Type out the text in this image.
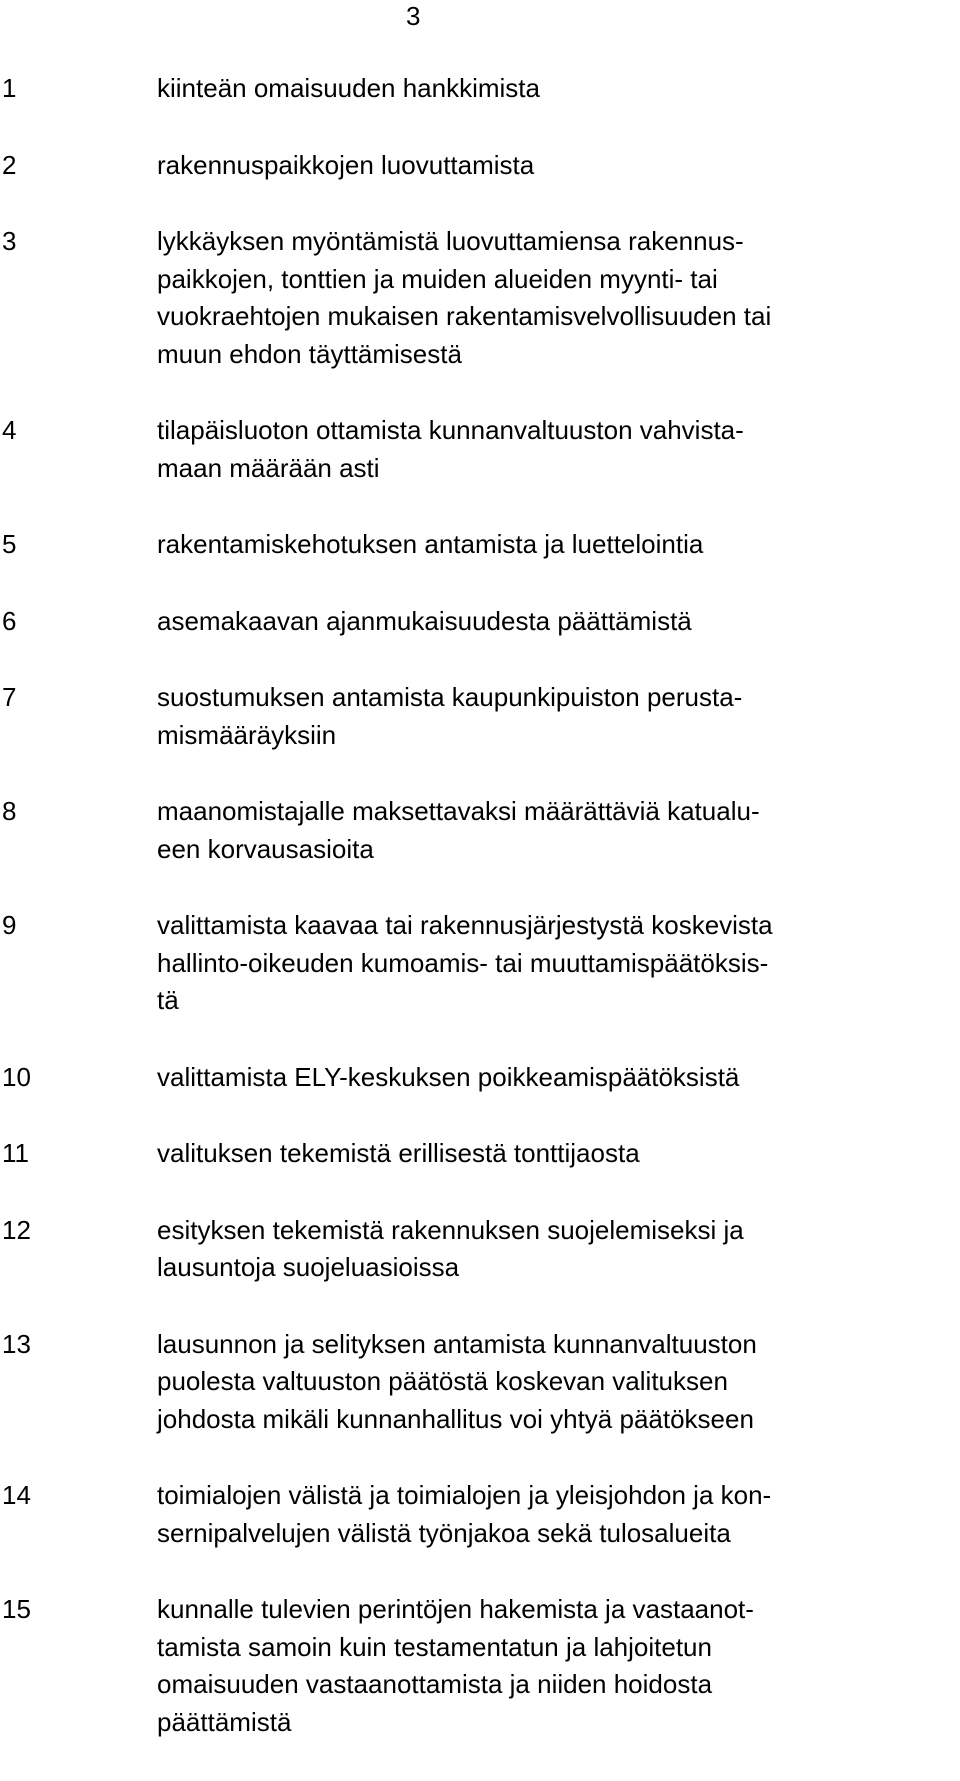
3
1	kiinteän omaisuuden hankkimista
2	rakennuspaikkojen luovuttamista
3	lykkäyksen myöntämistä luovuttamiensa rakennus-
paikkojen, tonttien ja muiden alueiden myynti- tai
vuokraehtojen mukaisen rakentamisvelvollisuuden tai
muun ehdon täyttämisestä
4	tilapäisluoton ottamista kunnanvaltuuston vahvista-
maan määrään asti
5	rakentamiskehotuksen antamista ja luettelointia
6	asemakaavan ajanmukaisuudesta päättämistä
7	suostumuksen antamista kaupunkipuiston perusta-
mismääräyksiin
8	maanomistajalle maksettavaksi määrättäviä katualu-
een korvausasioita
9	valittamista kaavaa tai rakennusjärjestystä koskevista
hallinto-oikeuden kumoamis- tai muuttamispäätöksis-
tä
10	valittamista ELY-keskuksen poikkeamispäätöksistä
11	valituksen tekemistä erillisestä tonttijaosta
12	esityksen tekemistä rakennuksen suojelemiseksi ja
lausuntoja suojeluasioissa
13	lausunnon ja selityksen antamista kunnanvaltuuston
puolesta valtuuston päätöstä koskevan valituksen
johdosta mikäli kunnanhallitus voi yhtyä päätökseen
14	toimialojen välistä ja toimialojen ja yleisjohdon ja kon-
sernipalvelujen välistä työnjakoa sekä tulosalueita
15	kunnalle tulevien perintöjen hakemista ja vastaanot-
tamista samoin kuin testamentatun ja lahjoitetun
omaisuuden vastaanottamista ja niiden hoidosta
päättämistä
